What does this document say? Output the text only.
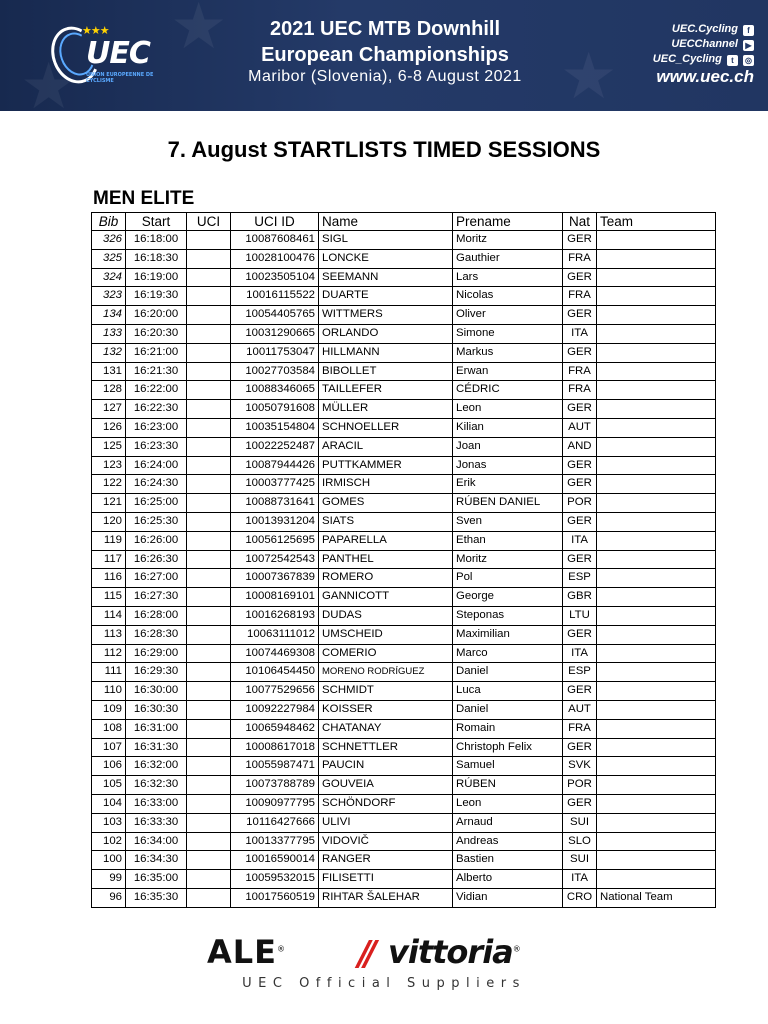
★
★
★
★★★
UEC
UNION EUROPEENNE DE CYCLISME
2021 UEC MTB Downhill
European Championships
Maribor (Slovenia), 6-8 August 2021
UEC.Cycling f
UECChannel ▶
UEC_Cycling t ◎
www.uec.ch
7. August STARTLISTS TIMED SESSIONS
MEN ELITE
Bib	Start	UCI	UCI ID	Name	Prename	Nat	Team
326	16:18:00		10087608461	SIGL	Moritz	GER	
325	16:18:30		10028100476	LONCKE	Gauthier	FRA	
324	16:19:00		10023505104	SEEMANN	Lars	GER	
323	16:19:30		10016115522	DUARTE	Nicolas	FRA	
134	16:20:00		10054405765	WITTMERS	Oliver	GER	
133	16:20:30		10031290665	ORLANDO	Simone	ITA	
132	16:21:00		10011753047	HILLMANN	Markus	GER	
131	16:21:30		10027703584	BIBOLLET	Erwan	FRA	
128	16:22:00		10088346065	TAILLEFER	CÉDRIC	FRA	
127	16:22:30		10050791608	MÜLLER	Leon	GER	
126	16:23:00		10035154804	SCHNOELLER	Kilian	AUT	
125	16:23:30		10022252487	ARACIL	Joan	AND	
123	16:24:00		10087944426	PUTTKAMMER	Jonas	GER	
122	16:24:30		10003777425	IRMISCH	Erik	GER	
121	16:25:00		10088731641	GOMES	RÚBEN DANIEL	POR	
120	16:25:30		10013931204	SIATS	Sven	GER	
119	16:26:00		10056125695	PAPARELLA	Ethan	ITA	
117	16:26:30		10072542543	PANTHEL	Moritz	GER	
116	16:27:00		10007367839	ROMERO	Pol	ESP	
115	16:27:30		10008169101	GANNICOTT	George	GBR	
114	16:28:00		10016268193	DUDAS	Steponas	LTU	
113	16:28:30		10063111012	UMSCHEID	Maximilian	GER	
112	16:29:00		10074469308	COMERIO	Marco	ITA	
111	16:29:30		10106454450	MORENO RODRÍGUEZ	Daniel	ESP	
110	16:30:00		10077529656	SCHMIDT	Luca	GER	
109	16:30:30		10092227984	KOISSER	Daniel	AUT	
108	16:31:00		10065948462	CHATANAY	Romain	FRA	
107	16:31:30		10008617018	SCHNETTLER	Christoph Felix	GER	
106	16:32:00		10055987471	PAUCIN	Samuel	SVK	
105	16:32:30		10073788789	GOUVEIA	RÚBEN	POR	
104	16:33:00		10090977795	SCHÖNDORF	Leon	GER	
103	16:33:30		10116427666	ULIVI	Arnaud	SUI	
102	16:34:00		10013377795	VIDOVIČ	Andreas	SLO	
100	16:34:30		10016590014	RANGER	Bastien	SUI	
99	16:35:00		10059532015	FILISETTI	Alberto	ITA	
96	16:35:30		10017560519	RIHTAR ŠALEHAR	Vidian	CRO	National Team
ALE® // vittoria®
UEC Official Suppliers
